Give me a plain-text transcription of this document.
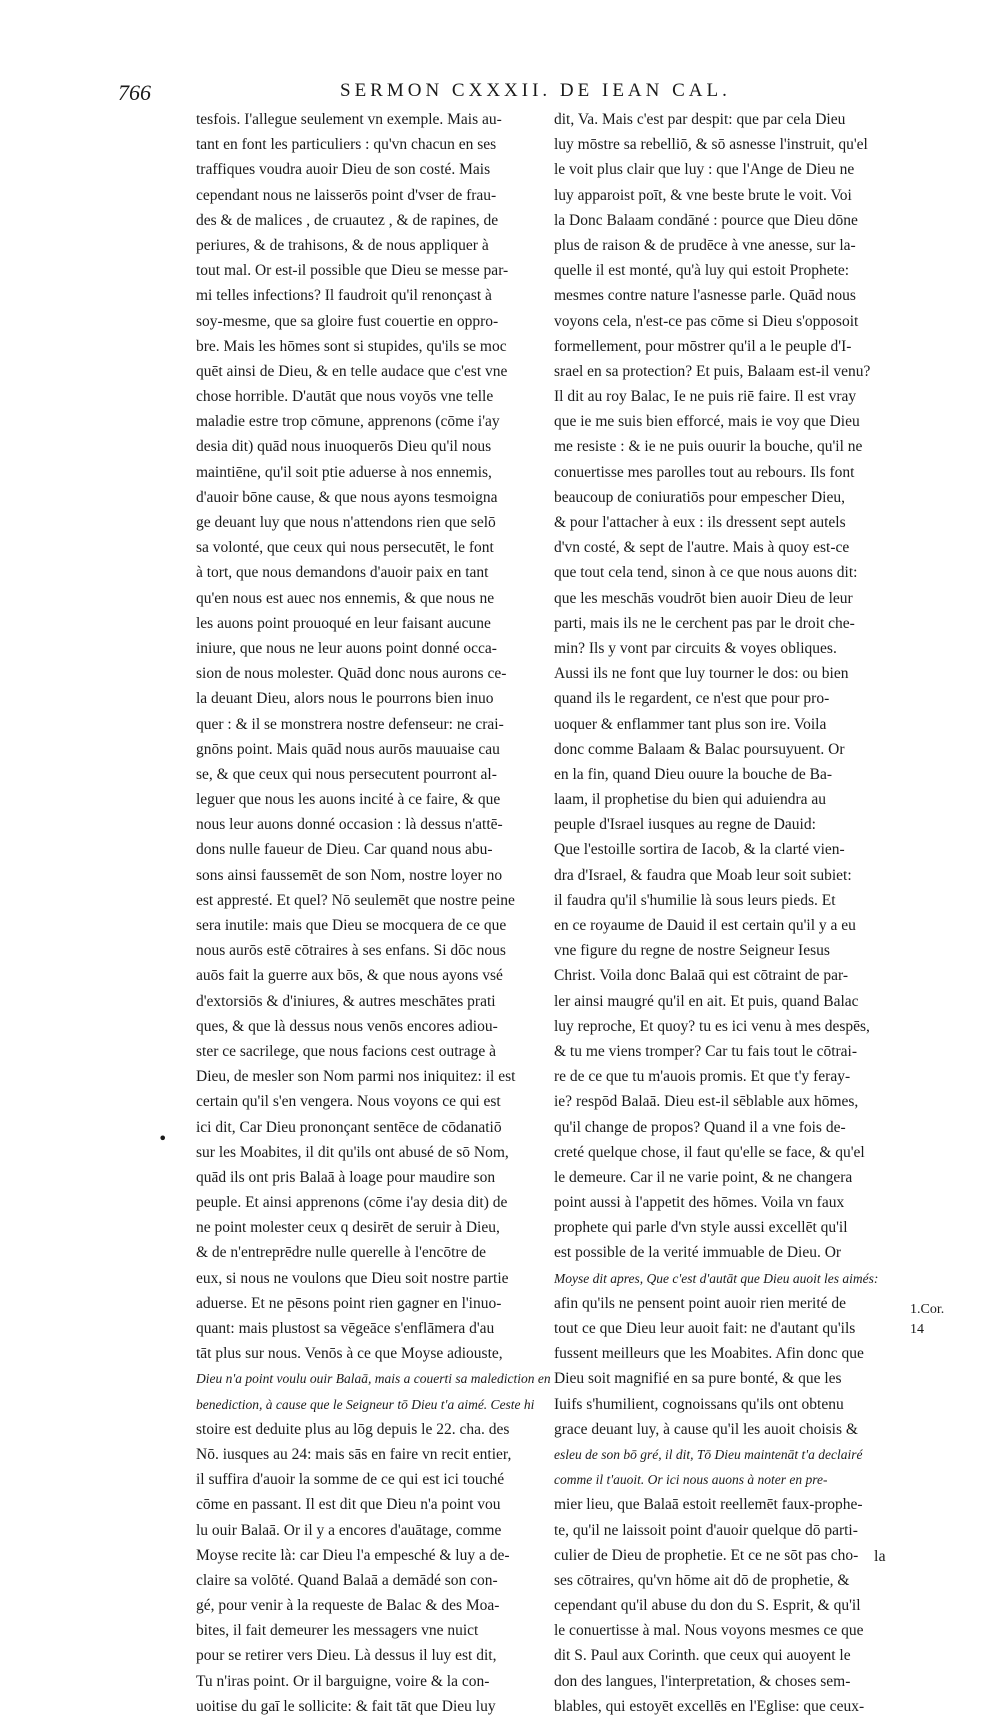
766	SERMON CXXXII. DE IEAN CAL.
tesfois. I'allegue seulement vn exemple. Mais au-
tant en font les particuliers : qu'vn chacun en ses
traffiques voudra auoir Dieu de son costé. Mais
cependant nous ne laisserōs point d'vser de frau-
des & de malices , de cruautez , & de rapines, de
periures, & de trahisons, & de nous appliquer à
tout mal. Or est-il possible que Dieu se messe par-
mi telles infections? Il faudroit qu'il renonçast à
soy-mesme, que sa gloire fust couertie en oppro-
bre. Mais les hōmes sont si stupides, qu'ils se moc
quēt ainsi de Dieu, & en telle audace que c'est vne
chose horrible. D'autāt que nous voyōs vne telle
maladie estre trop cōmune, apprenons (cōme i'ay
desia dit) quād nous inuoquerōs Dieu qu'il nous
maintiēne, qu'il soit ptie aduerse à nos ennemis,
d'auoir bōne cause, & que nous ayons tesmoigna
ge deuant luy que nous n'attendons rien que selō
sa volonté, que ceux qui nous persecutēt, le font
à tort, que nous demandons d'auoir paix en tant
qu'en nous est auec nos ennemis, & que nous ne
les auons point prouoqué en leur faisant aucune
iniure, que nous ne leur auons point donné occa-
sion de nous molester. Quād donc nous aurons ce-
la deuant Dieu, alors nous le pourrons bien inuo
quer : & il se monstrera nostre defenseur: ne crai-
gnōns point. Mais quād nous aurōs mauuaise cau
se, & que ceux qui nous persecutent pourront al-
leguer que nous les auons incité à ce faire, & que
nous leur auons donné occasion : là dessus n'attē-
dons nulle faueur de Dieu. Car quand nous abu-
sons ainsi faussemēt de son Nom, nostre loyer no
est appresté. Et quel? Nō seulemēt que nostre peine
sera inutile: mais que Dieu se mocquera de ce que
nous aurōs estē cōtraires à ses enfans. Si dōc nous
auōs fait la guerre aux bōs, & que nous ayons vsé
d'extorsiōs & d'iniures, & autres meschātes prati
ques, & que là dessus nous venōs encores adiou-
ster ce sacrilege, que nous facions cest outrage à
Dieu, de mesler son Nom parmi nos iniquitez: il est
certain qu'il s'en vengera. Nous voyons ce qui est
ici dit, Car Dieu prononçant sentēce de cōdanatiō
sur les Moabites, il dit qu'ils ont abusé de sō Nom,
quād ils ont pris Balaā à loage pour maudire son
peuple. Et ainsi apprenons (cōme i'ay desia dit) de
ne point molester ceux q desirēt de seruir à Dieu,
& de n'entreprēdre nulle querelle à l'encōtre de
eux, si nous ne voulons que Dieu soit nostre partie
aduerse. Et ne pēsons point rien gagner en l'inuo-
quant: mais plustost sa vēgeāce s'enflāmera d'au
tāt plus sur nous. Venōs à ce que Moyse adiouste,
Dieu n'a point voulu ouir Balaā, mais a couerti sa malediction en
benediction, à cause que le Seigneur tō Dieu t'a aimé. Ceste hi
stoire est deduite plus au lōg depuis le 22. cha. des
Nō. iusques au 24: mais sās en faire vn recit entier,
il suffira d'auoir la somme de ce qui est ici touché
cōme en passant. Il est dit que Dieu n'a point vou
lu ouir Balaā. Or il y a encores d'auātage, comme
Moyse recite là: car Dieu l'a empesché & luy a de-
claire sa volōté. Quand Balaā a demādé son con-
gé, pour venir à la requeste de Balac & des Moa-
bites, il fait demeurer les messagers vne nuict
pour se retirer vers Dieu. Là dessus il luy est dit,
Tu n'iras point. Or il barguigne, voire & la con-
uoitise du gaī le sollicite: & fait tāt que Dieu luy
dit, Va. Mais c'est par despit: que par cela Dieu
luy mōstre sa rebelliō, & sō asnesse l'instruit, qu'el
le voit plus clair que luy : que l'Ange de Dieu ne
luy apparoist poīt, & vne beste brute le voit. Voi
la Donc Balaam condāné : pource que Dieu dōne
plus de raison & de prudēce à vne anesse, sur la-
quelle il est monté, qu'à luy qui estoit Prophete:
mesmes contre nature l'asnesse parle. Quād nous
voyons cela, n'est-ce pas cōme si Dieu s'opposoit
formellement, pour mōstrer qu'il a le peuple d'I-
srael en sa protection? Et puis, Balaam est-il venu?
Il dit au roy Balac, Ie ne puis riē faire. Il est vray
que ie me suis bien efforcé, mais ie voy que Dieu
me resiste : & ie ne puis ouurir la bouche, qu'il ne
conuertisse mes parolles tout au rebours. Ils font
beaucoup de coniuratiōs pour empescher Dieu,
& pour l'attacher à eux : ils dressent sept autels
d'vn costé, & sept de l'autre. Mais à quoy est-ce
que tout cela tend, sinon à ce que nous auons dit:
que les meschās voudrōt bien auoir Dieu de leur
parti, mais ils ne le cerchent pas par le droit che-
min? Ils y vont par circuits & voyes obliques.
Aussi ils ne font que luy tourner le dos: ou bien
quand ils le regardent, ce n'est que pour pro-
uoquer & enflammer tant plus son ire. Voila
donc comme Balaam & Balac poursuyuent. Or
en la fin, quand Dieu ouure la bouche de Ba-
laam, il prophetise du bien qui aduiendra au
peuple d'Israel iusques au regne de Dauid:
Que l'estoille sortira de Iacob, & la clarté vien-
dra d'Israel, & faudra que Moab leur soit subiet:
il faudra qu'il s'humilie là sous leurs pieds. Et
en ce royaume de Dauid il est certain qu'il y a eu
vne figure du regne de nostre Seigneur Iesus
Christ. Voila donc Balaā qui est cōtraint de par-
ler ainsi maugré qu'il en ait. Et puis, quand Balac
luy reproche, Et quoy? tu es ici venu à mes despēs,
& tu me viens tromper? Car tu fais tout le cōtrai-
re de ce que tu m'auois promis. Et que t'y feray-
ie? respōd Balaā. Dieu est-il sēblable aux hōmes,
qu'il change de propos? Quand il a vne fois de-
creté quelque chose, il faut qu'elle se face, & qu'el
le demeure. Car il ne varie point, & ne changera
point aussi à l'appetit des hōmes. Voila vn faux
prophete qui parle d'vn style aussi excellēt qu'il
est possible de la verité immuable de Dieu. Or
Moyse dit apres, Que c'est d'autāt que Dieu auoit les aimés:
afin qu'ils ne pensent point auoir rien merité de
tout ce que Dieu leur auoit fait: ne d'autant qu'ils
fussent meilleurs que les Moabites. Afin donc que
Dieu soit magnifié en sa pure bonté, & que les
Iuifs s'humilient, cognoissans qu'ils ont obtenu
grace deuant luy, à cause qu'il les auoit choisis &
esleu de son bō gré, il dit, Tō Dieu maintenāt t'a declairé
comme il t'auoit. Or ici nous auons à noter en pre-
mier lieu, que Balaā estoit reellemēt faux-prophe-
te, qu'il ne laissoit point d'auoir quelque dō parti-
culier de Dieu de prophetie. Et ce ne sōt pas cho-
ses cōtraires, qu'vn hōme ait dō de prophetie, &
cependant qu'il abuse du don du S. Esprit, & qu'il
le conuertisse à mal. Nous voyons mesmes ce que
dit S. Paul aux Corinth. que ceux qui auoyent le
don des langues, l'interpretation, & choses sem-
blables, qui estoyēt excellēs en l'Eglise: que ceux-
•
1.Cor. 14
la
